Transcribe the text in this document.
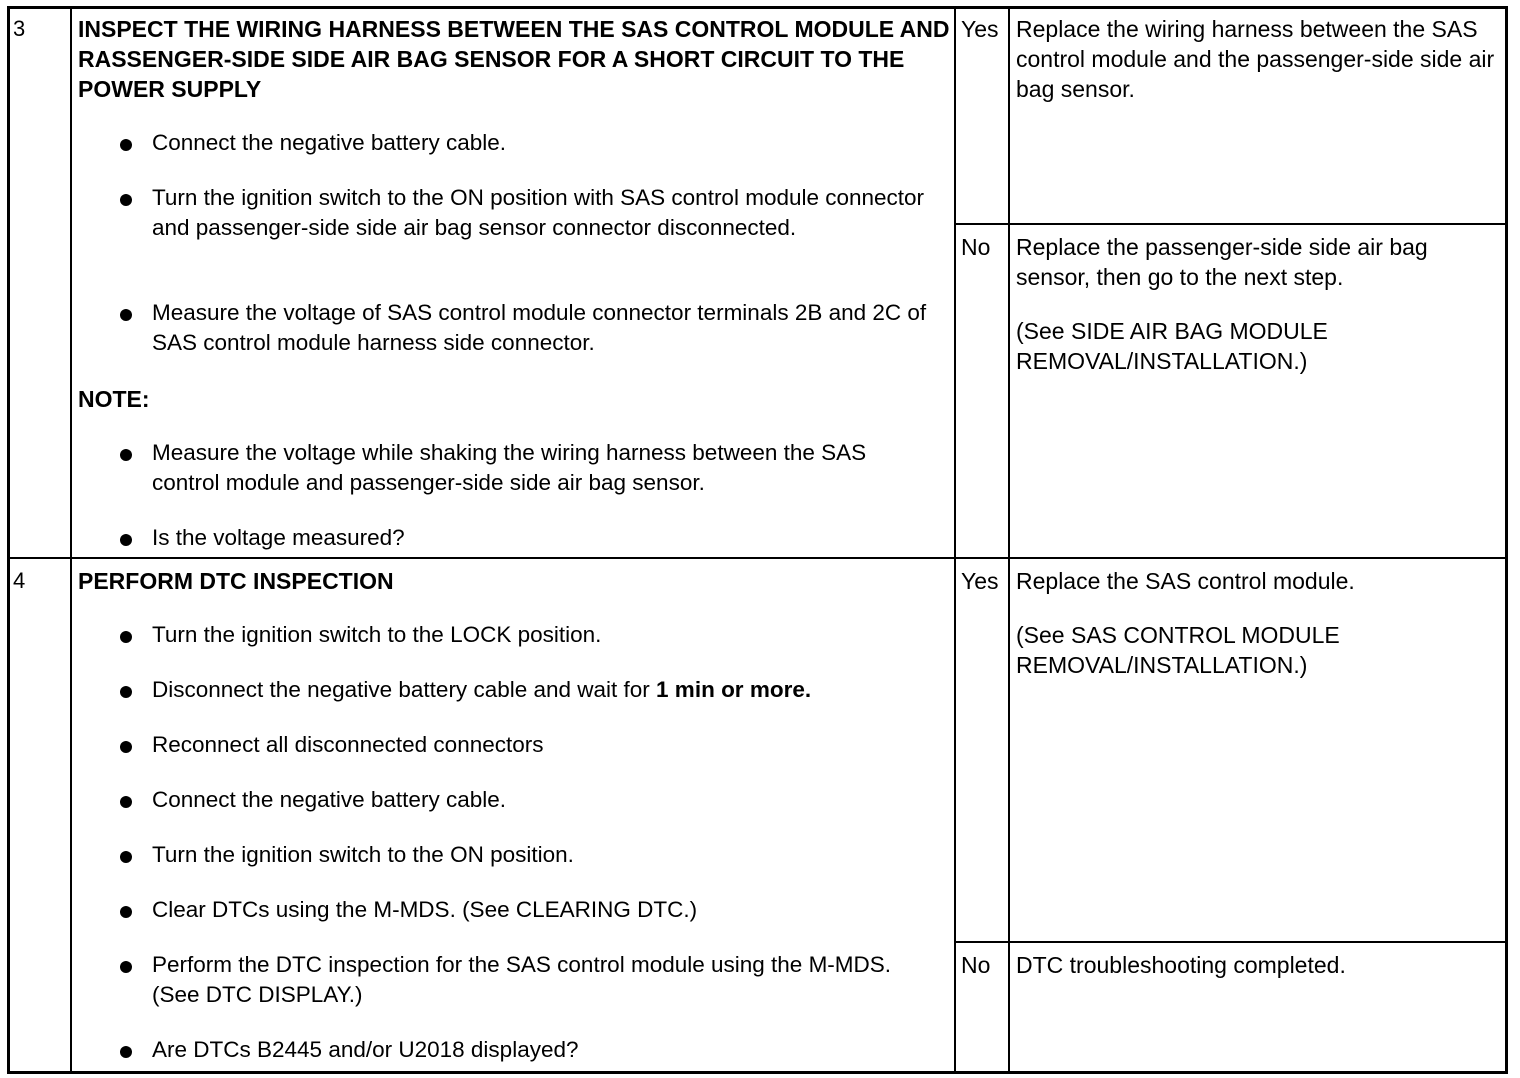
3 INSPECT THE WIRING HARNESS BETWEEN THE SAS CONTROL MODULE AND RASSENGER-SIDE SIDE AIR BAG SENSOR FOR A SHORT CIRCUIT TO THE POWER SUPPLY
Connect the negative battery cable.
Turn the ignition switch to the ON position with SAS control module connector and passenger-side side air bag sensor connector disconnected.
Measure the voltage of SAS control module connector terminals 2B and 2C of SAS control module harness side connector.
NOTE:
Measure the voltage while shaking the wiring harness between the SAS control module and passenger-side side air bag sensor.
Is the voltage measured?
Yes Replace the wiring harness between the SAS control module and the passenger-side side air bag sensor.
No Replace the passenger-side side air bag sensor, then go to the next step.
(See SIDE AIR BAG MODULE REMOVAL/INSTALLATION.)
4 PERFORM DTC INSPECTION
Turn the ignition switch to the LOCK position.
Disconnect the negative battery cable and wait for 1 min or more.
Reconnect all disconnected connectors
Connect the negative battery cable.
Turn the ignition switch to the ON position.
Clear DTCs using the M-MDS. (See CLEARING DTC.)
Perform the DTC inspection for the SAS control module using the M-MDS. (See DTC DISPLAY.)
Are DTCs B2445 and/or U2018 displayed?
Yes Replace the SAS control module.
(See SAS CONTROL MODULE REMOVAL/INSTALLATION.)
No DTC troubleshooting completed.
